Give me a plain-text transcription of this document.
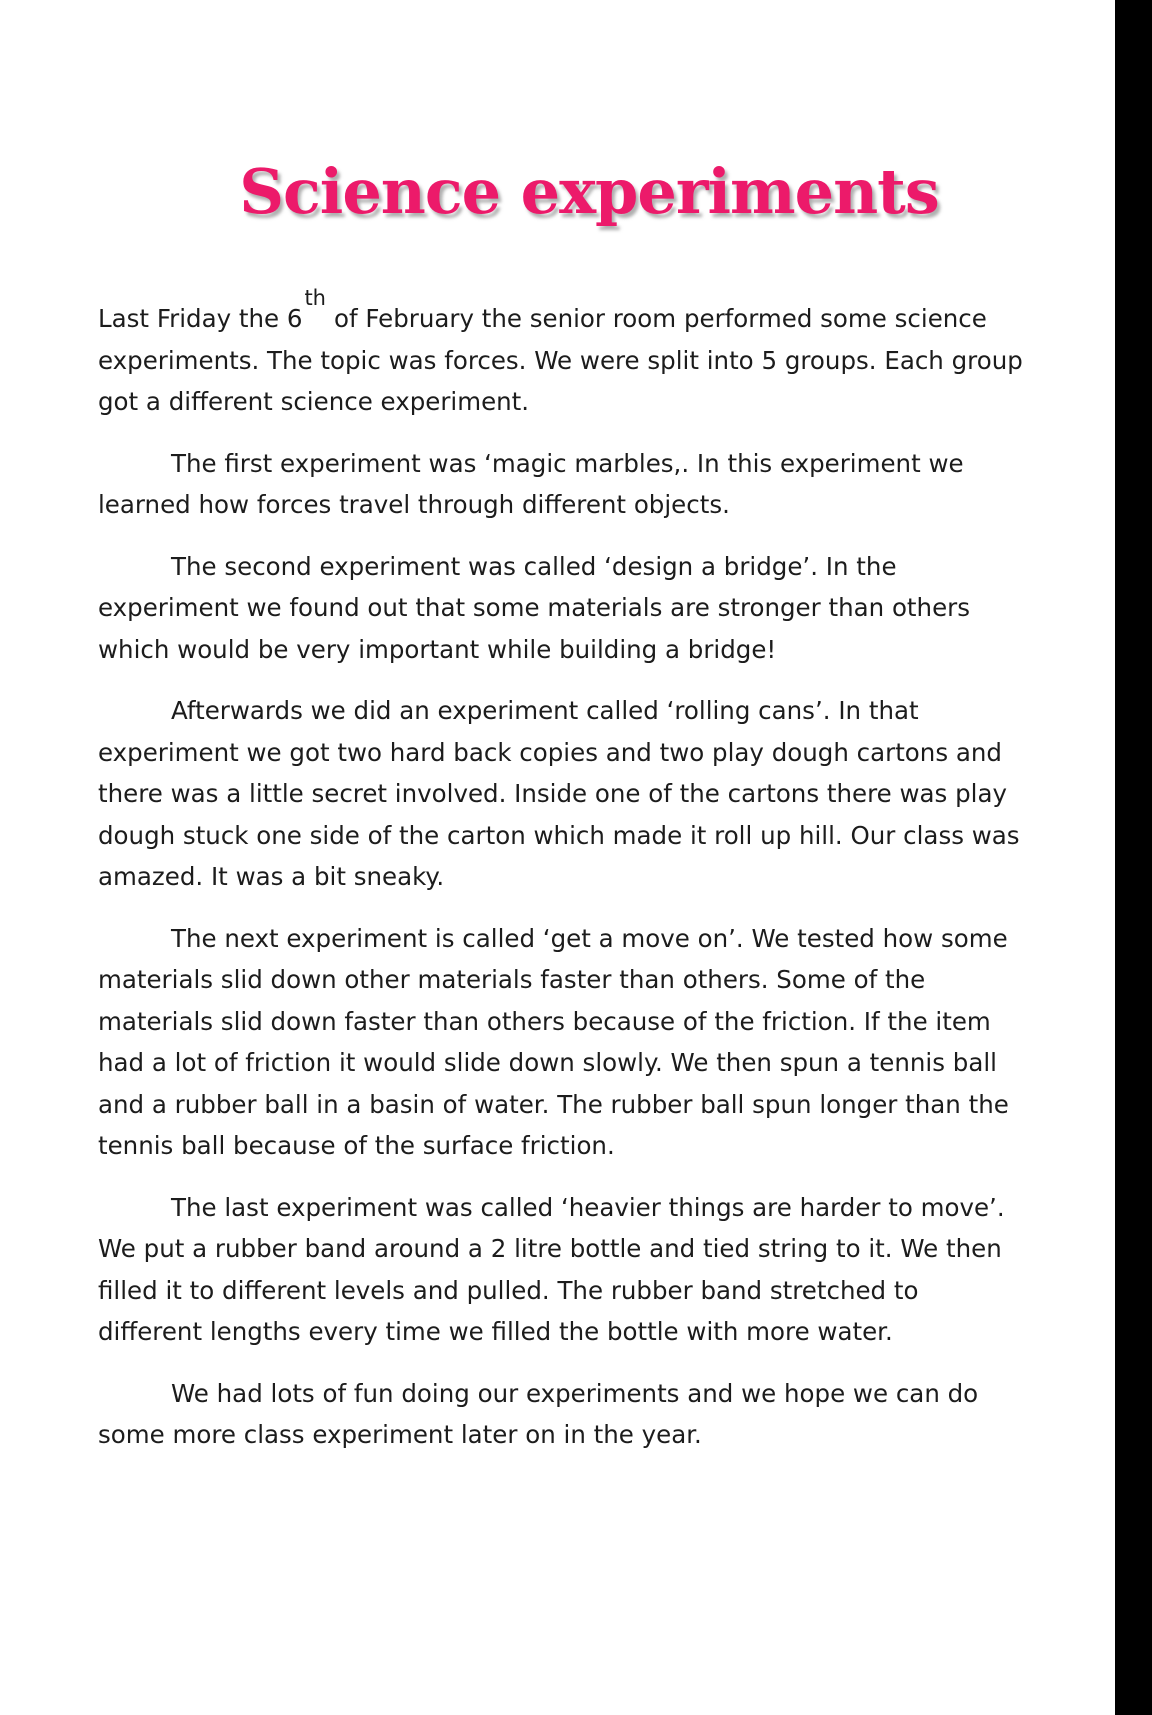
Science experiments

Last Friday the 6thof February the senior room performed some science experiments. The topic was forces. We were split into 5 groups. Each group got a different science experiment.

The first experiment was ‘magic marbles,. In this experiment we learned how forces travel through different objects.

The second experiment was called ‘design a bridge’. In the experiment we found out that some materials are stronger than others which would be very important while building a bridge!

Afterwards we did an experiment called ‘rolling cans’. In that experiment we got two hard back copies and two play dough cartons and there was a little secret involved. Inside one of the cartons there was play dough stuck one side of the carton which made it roll up hill. Our class was amazed. It was a bit sneaky.

The next experiment is called ‘get a move on’. We tested how some materials slid down other materials faster than others. Some of the materials slid down faster than others because of the friction. If the item had a lot of friction it would slide down slowly. We then spun a tennis ball and a rubber ball in a basin of water. The rubber ball spun longer than the tennis ball because of the surface friction.

The last experiment was called ‘heavier things are harder to move’. We put a rubber band around a 2 litre bottle and tied string to it. We then filled it to different levels and pulled. The rubber band stretched to different lengths every time we filled the bottle with more water.

We had lots of fun doing our experiments and we hope we can do some more class experiment later on in the year.
